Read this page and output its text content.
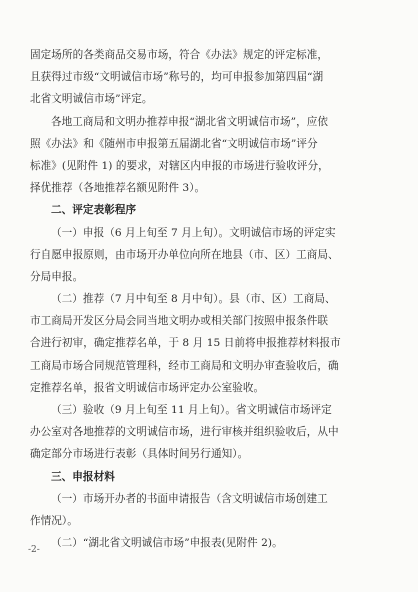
固定场所的各类商品交易市场，符合《办法》规定的评定标准，
且获得过市级“文明诚信市场”称号的，均可申报参加第四届“湖
北省文明诚信市场”评定。
各地工商局和文明办推荐申报“湖北省文明诚信市场”，应依
照《办法》和《随州市申报第五届湖北省“文明诚信市场”评分
标准》(见附件 1) 的要求，对辖区内申报的市场进行验收评分，
择优推荐（各地推荐名额见附件 3）。
二、评定表彰程序
（一）申报（6 月上旬至 7 月上旬）。文明诚信市场的评定实
行自愿申报原则，由市场开办单位向所在地县（市、区）工商局、
分局申报。
（二）推荐（7 月中旬至 8 月中旬）。县（市、区）工商局、
市工商局开发区分局会同当地文明办或相关部门按照申报条件联
合进行初审，确定推荐名单，于 8 月 15 日前将申报推荐材料报市
工商局市场合同规范管理科，经市工商局和文明办审查验收后，确
定推荐名单，报省文明诚信市场评定办公室验收。
（三）验收（9 月上旬至 11 月上旬）。省文明诚信市场评定
办公室对各地推荐的文明诚信市场，进行审核并组织验收后，从中
确定部分市场进行表彰（具体时间另行通知）。
三、申报材料
（一）市场开办者的书面申请报告（含文明诚信市场创建工
作情况）。
（二）“湖北省文明诚信市场”申报表(见附件 2)。
-2-
